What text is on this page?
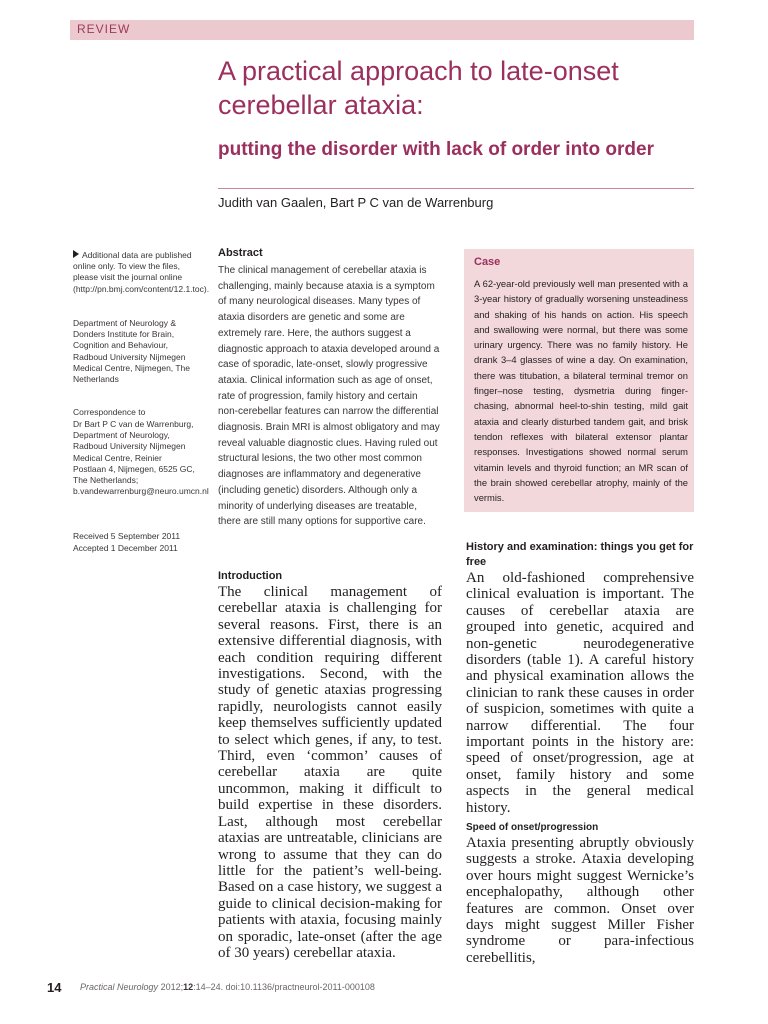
REVIEW
A practical approach to late-onset cerebellar ataxia:
putting the disorder with lack of order into order
Judith van Gaalen, Bart P C van de Warrenburg
Additional data are published online only. To view the files, please visit the journal online (http://pn.bmj.com/content/12.1.toc).
Department of Neurology & Donders Institute for Brain, Cognition and Behaviour, Radboud University Nijmegen Medical Centre, Nijmegen, The Netherlands
Correspondence to
Dr Bart P C van de Warrenburg, Department of Neurology, Radboud University Nijmegen Medical Centre, Reinier Postlaan 4, Nijmegen, 6525 GC, The Netherlands; b.vandewarrenburg@neuro.umcn.nl
Received 5 September 2011
Accepted 1 December 2011
Abstract
The clinical management of cerebellar ataxia is challenging, mainly because ataxia is a symptom of many neurological diseases. Many types of ataxia disorders are genetic and some are extremely rare. Here, the authors suggest a diagnostic approach to ataxia developed around a case of sporadic, late-onset, slowly progressive ataxia. Clinical information such as age of onset, rate of progression, family history and certain non-cerebellar features can narrow the differential diagnosis. Brain MRI is almost obligatory and may reveal valuable diagnostic clues. Having ruled out structural lesions, the two other most common diagnoses are inflammatory and degenerative (including genetic) disorders. Although only a minority of underlying diseases are treatable, there are still many options for supportive care.
Case
A 62-year-old previously well man presented with a 3-year history of gradually worsening unsteadiness and shaking of his hands on action. His speech and swallowing were normal, but there was some urinary urgency. There was no family history. He drank 3–4 glasses of wine a day. On examination, there was titubation, a bilateral terminal tremor on finger–nose testing, dysmetria during finger-chasing, abnormal heel-to-shin testing, mild gait ataxia and clearly disturbed tandem gait, and brisk tendon reflexes with bilateral extensor plantar responses. Investigations showed normal serum vitamin levels and thyroid function; an MR scan of the brain showed cerebellar atrophy, mainly of the vermis.
Introduction
The clinical management of cerebellar ataxia is challenging for several reasons. First, there is an extensive differential diagnosis, with each condition requiring different investigations. Second, with the study of genetic ataxias progressing rapidly, neurologists cannot easily keep themselves sufficiently updated to select which genes, if any, to test. Third, even ‘common’ causes of cerebellar ataxia are quite uncommon, making it difficult to build expertise in these disorders. Last, although most cerebellar ataxias are untreatable, clinicians are wrong to assume that they can do little for the patient’s well-being. Based on a case history, we suggest a guide to clinical decision-making for patients with ataxia, focusing mainly on sporadic, late-onset (after the age of 30 years) cerebellar ataxia.
History and examination: things you get for free
An old-fashioned comprehensive clinical evaluation is important. The causes of cerebellar ataxia are grouped into genetic, acquired and non-genetic neurodegenerative disorders (table 1). A careful history and physical examination allows the clinician to rank these causes in order of suspicion, sometimes with quite a narrow differential. The four important points in the history are: speed of onset/progression, age at onset, family history and some aspects in the general medical history.
Speed of onset/progression
Ataxia presenting abruptly obviously suggests a stroke. Ataxia developing over hours might suggest Wernicke’s encephalopathy, although other features are common. Onset over days might suggest Miller Fisher syndrome or para-infectious cerebellitis,
14 Practical Neurology 2012;12:14–24. doi:10.1136/practneurol-2011-000108
